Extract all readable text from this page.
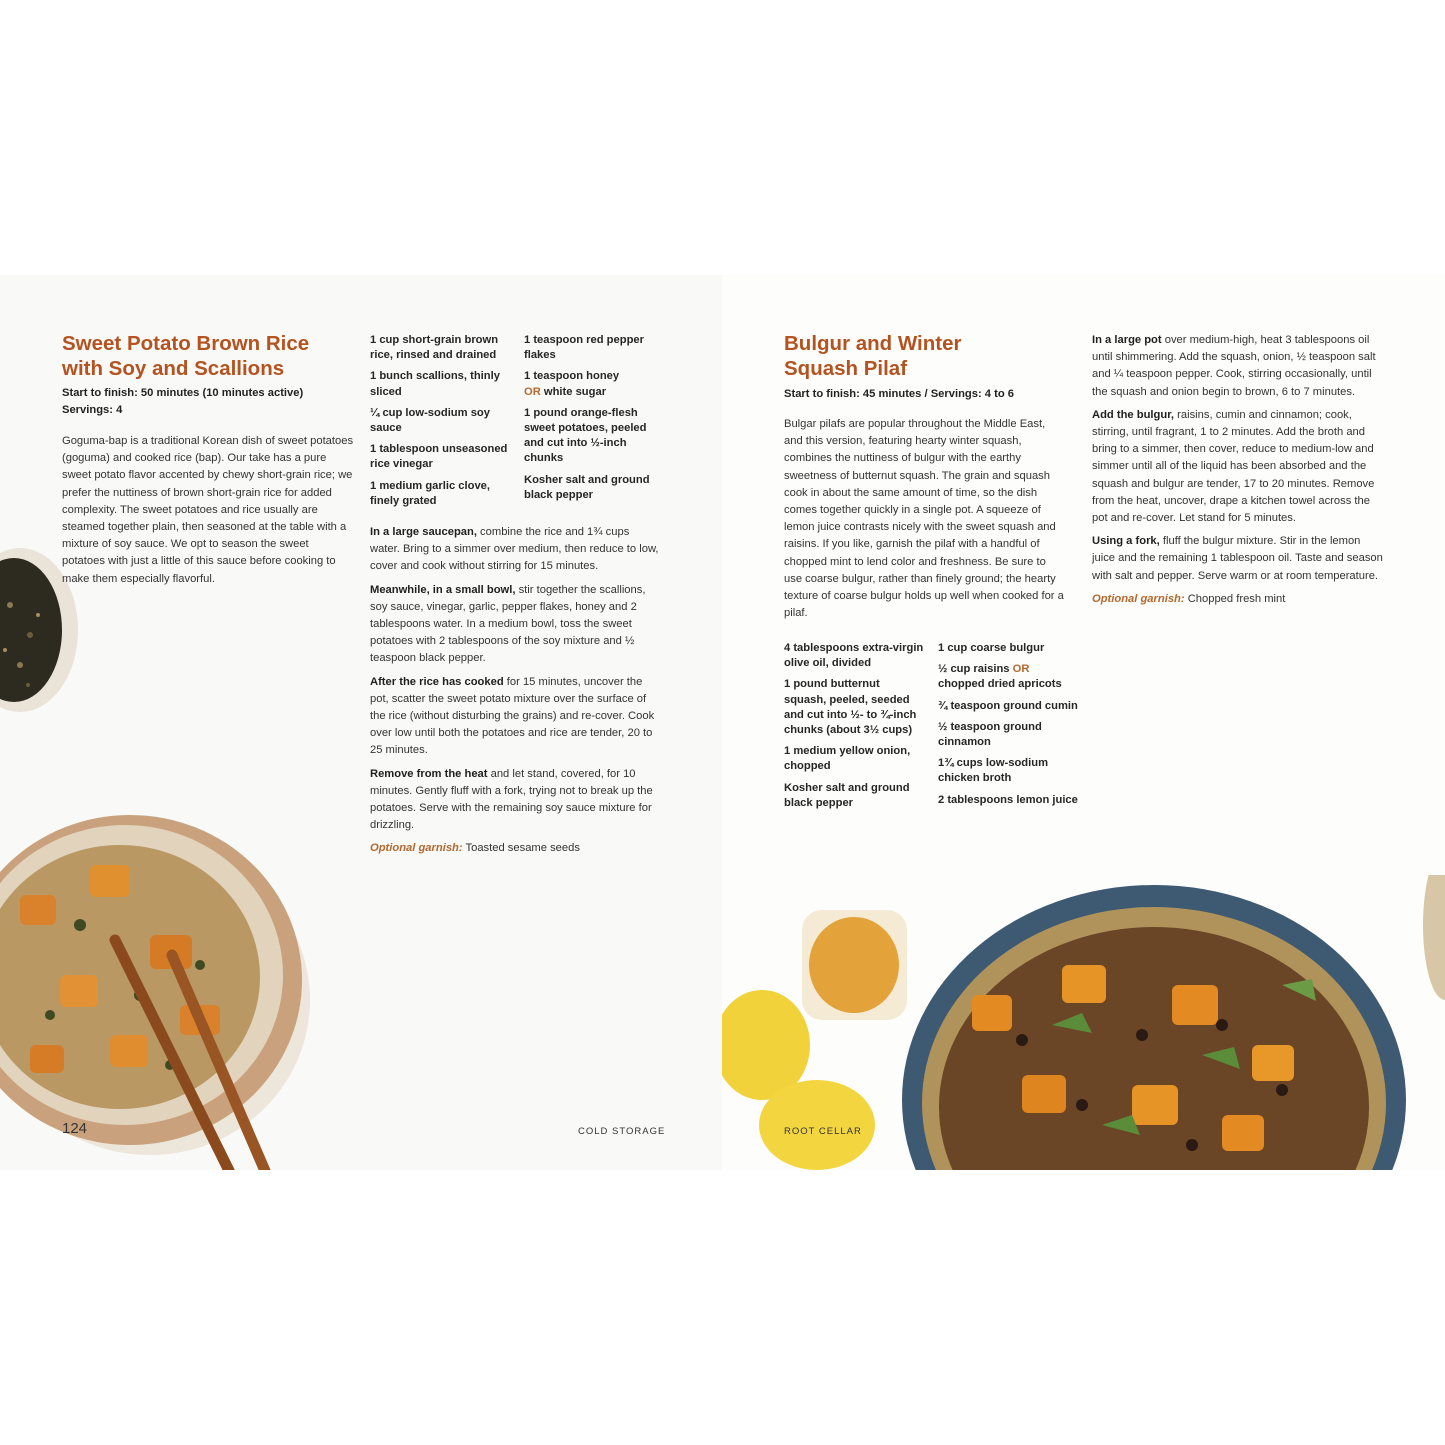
Sweet Potato Brown Rice
with Soy and Scallions
Start to finish: 50 minutes (10 minutes active)
Servings: 4
Goguma-bap is a traditional Korean dish of sweet potatoes (goguma) and cooked rice (bap). Our take has a pure sweet potato flavor accented by chewy short-grain rice; we prefer the nuttiness of brown short-grain rice for added complexity. The sweet potatoes and rice usually are steamed together plain, then seasoned at the table with a mixture of soy sauce. We opt to season the sweet potatoes with just a little of this sauce before cooking to make them especially flavorful.
1 cup short-grain brown rice, rinsed and drained
1 bunch scallions, thinly sliced
¼ cup low-sodium soy sauce
1 tablespoon unseasoned rice vinegar
1 medium garlic clove, finely grated
1 teaspoon red pepper flakes
1 teaspoon honey
OR white sugar
1 pound orange-flesh sweet potatoes, peeled and cut into ½-inch chunks
Kosher salt and ground black pepper

In a large saucepan, combine the rice and 1¾ cups water. Bring to a simmer over medium, then reduce to low, cover and cook without stirring for 15 minutes.

Meanwhile, in a small bowl, stir together the scallions, soy sauce, vinegar, garlic, pepper flakes, honey and 2 tablespoons water. In a medium bowl, toss the sweet potatoes with 2 tablespoons of the soy mixture and ½ teaspoon black pepper.

After the rice has cooked for 15 minutes, uncover the pot, scatter the sweet potato mixture over the surface of the rice (without disturbing the grains) and re-cover. Cook over low until both the potatoes and rice are tender, 20 to 25 minutes.

Remove from the heat and let stand, covered, for 10 minutes. Gently fluff with a fork, trying not to break up the potatoes. Serve with the remaining soy sauce mixture for drizzling.

Optional garnish: Toasted sesame seeds

124	COLD STORAGE
Bulgur and Winter
Squash Pilaf
Start to finish: 45 minutes / Servings: 4 to 6
Bulgar pilafs are popular throughout the Middle East, and this version, featuring hearty winter squash, combines the nuttiness of bulgur with the earthy sweetness of butternut squash. The grain and squash cook in about the same amount of time, so the dish comes together quickly in a single pot. A squeeze of lemon juice contrasts nicely with the sweet squash and raisins. If you like, garnish the pilaf with a handful of chopped mint to lend color and freshness. Be sure to use coarse bulgur, rather than finely ground; the hearty texture of coarse bulgur holds up well when cooked for a pilaf.
4 tablespoons extra-virgin olive oil, divided
1 pound butternut squash, peeled, seeded and cut into ½- to ¾-inch chunks (about 3½ cups)
1 medium yellow onion, chopped
Kosher salt and ground black pepper
1 cup coarse bulgur
½ cup raisins OR chopped dried apricots
¾ teaspoon ground cumin
½ teaspoon ground cinnamon
1¾ cups low-sodium chicken broth
2 tablespoons lemon juice

In a large pot over medium-high, heat 3 tablespoons oil until shimmering. Add the squash, onion, ½ teaspoon salt and ¼ teaspoon pepper. Cook, stirring occasionally, until the squash and onion begin to brown, 6 to 7 minutes.

Add the bulgur, raisins, cumin and cinnamon; cook, stirring, until fragrant, 1 to 2 minutes. Add the broth and bring to a simmer, then cover, reduce to medium-low and simmer until all of the liquid has been absorbed and the squash and bulgur are tender, 17 to 20 minutes. Remove from the heat, uncover, drape a kitchen towel across the pot and re-cover. Let stand for 5 minutes.

Using a fork, fluff the bulgur mixture. Stir in the lemon juice and the remaining 1 tablespoon oil. Taste and season with salt and pepper. Serve warm or at room temperature.

Optional garnish: Chopped fresh mint

ROOT CELLAR
